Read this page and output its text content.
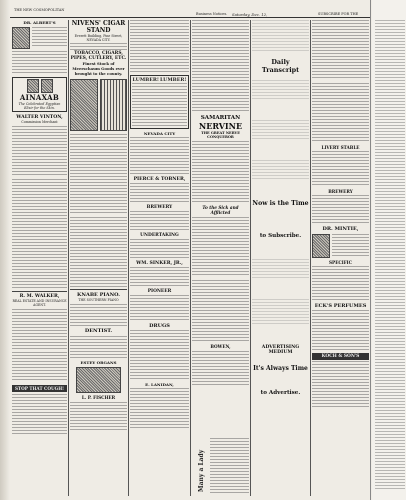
THE NEW COSMOPOLITAN
Saturday, Dec. 12,
Business Notices.	SUBSCRIBE FOR THE
DR. ALBERT'S
AINAXAB
The Celebrated Egyptian Elixir for the Skin.
WALTER VINTON,
Commission Merchant
R. M. WALKER,
REAL ESTATE AND INSURANCE AGENT.
STOP THAT COUGH!
NIVENS' CIGAR STAND
Everett Building, Pine Street, NEVADA CITY.
TOBACCO, CIGARS,
PIPES, CUTLERY, ETC.
Finest Stock of Meerschaum Goods ever brought to the county.
KNABE PIANO.
THE SOUTHERN PIANO
DENTIST.
ESTEY ORGANS
L. P. FISCHER
LUMBER! LUMBER!
NEVADA CITY
PIERCE & TOBNER,
BREWERY
UNDERTAKING
WM. SINKER, JR.,
PIONEER
DRUGS
E. LANIDAN,
SAMARITAN
NERVINE
THE GREAT NERVE CONQUEROR
To the Sick and Afflicted
BOWEN,
Many a Lady
Daily Transcript
Now is the Time
to Subscribe.
ADVERTISING MEDIUM
It's Always Time
to Advertise.
LIVERY STABLE
BREWERY
DR. MINTIE,
SPECIFIC
ECK'S PERFUMES
KOCH & SON'S
